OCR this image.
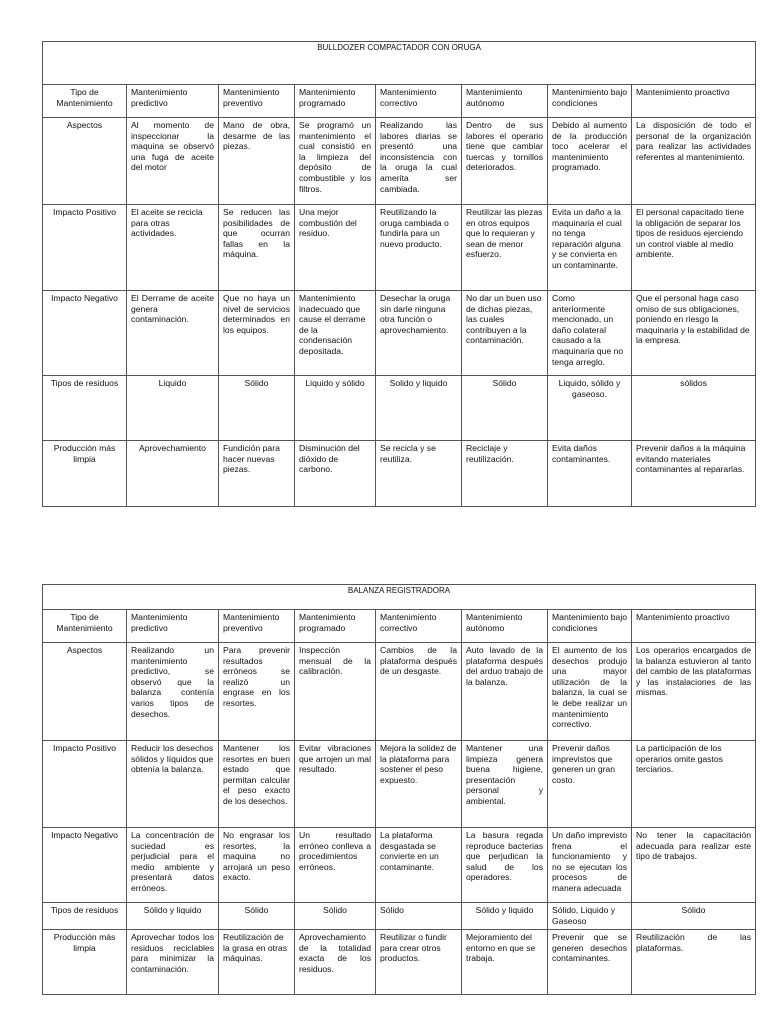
BULLDOZER COMPACTADOR CON ORUGA							
Tipo de Mantenimiento	Mantenimiento predictivo	Mantenimiento preventivo	Mantenimiento programado	Mantenimiento correctivo	Mantenimiento autónomo	Mantenimiento bajo condiciones	Mantenimiento proactivo
Aspectos	Al momento de inspeccionar la maquina se observó una fuga de aceite del motor	Mano de obra, desarme de las piezas.	Se programó un mantenimiento el cual consistió en la limpieza del depósito de combustible y los filtros.	Realizando las labores diarias se presentó una inconsistencia con la oruga la cual amerita ser cambiada.	Dentro de sus labores el operario tiene que cambiar tuercas y tornillos deteriorados.	Debido al aumento de la producción toco acelerar el mantenimiento programado.	La disposición de todo el personal de la organización para realizar las actividades referentes al mantenimiento.
Impacto Positivo	El aceite se recicla para otras actividades.	Se reducen las posibilidades de que ocurran fallas en la máquina.	Una mejor combustión del residuo.	Reutilizando la oruga cambiada o fundirla para un nuevo producto.	Reutilizar las piezas en otros equipos que lo requieran y sean de menor esfuerzo.	Evita un daño a la maquinaria el cual no tenga reparación alguna y se convierta en un contaminante.	El personal capacitado tiene la obligación de separar los tipos de residuos ejerciendo un control viable al medio ambiente.
Impacto Negativo	El Derrame de aceite genera contaminación.	Que no haya un nivel de servicios determinados en los equipos.	Mantenimiento inadecuado que cause el derrame de la condensación depositada.	Desechar la oruga sin darle ninguna otra función o aprovechamiento.	No dar un buen uso de dichas piezas, las cuales contribuyen a la contaminación.	Como anteriormente mencionado, un daño colateral causado a la maquinaria que no tenga arreglo.	Que el personal haga caso omiso de sus obligaciones, poniendo en riesgo la maquinaria y la estabilidad de la empresa.
Tipos de residuos	Liquido	Sólido	Liquido y sólido	Solido y liquido	Sólido	Liquido, sólido y gaseoso.	sólidos
Producción más limpia	Aprovechamiento	Fundición para hacer nuevas piezas.	Disminución del dióxido de carbono.	Se recicla y se reutiliza.	Reciclaje y reutilización.	Evita daños contaminantes.	Prevenir daños a la máquina evitando materiales contaminantes al repararlas.
BALANZA REGISTRADORA							
Tipo de Mantenimiento	Mantenimiento predictivo	Mantenimiento preventivo	Mantenimiento programado	Mantenimiento correctivo	Mantenimiento autónomo	Mantenimiento bajo condiciones	Mantenimiento proactivo
Aspectos	Realizando un mantenimiento predictivo, se observó que la balanza contenía varios tipos de desechos.	Para prevenir resultados erróneos se realizó un engrase en los resortes.	Inspección mensual de la calibración.	Cambios de la plataforma después de un desgaste.	Auto lavado de la plataforma después del arduo trabajo de la balanza.	El aumento de los desechos produjo una mayor utilización de la balanza, la cual se le debe realizar un mantenimiento correctivo.	Los operarios encargados de la balanza estuvieron al tanto del cambio de las plataformas y las instalaciones de las mismas.
Impacto Positivo	Reducir los desechos sólidos y líquidos que obtenía la balanza.	Mantener los resortes en buen estado que permitan calcular el peso exacto de los desechos.	Evitar vibraciones que arrojen un mal resultado.	Mejora la solidez de la plataforma para sostener el peso expuesto.	Mantener una limpieza genera buena higiene, presentación personal y ambiental.	Prevenir daños imprevistos que generen un gran costo.	La participación de los operarios omite gastos terciarios.
Impacto Negativo	La concentración de suciedad es perjudicial para el medio ambiente y presentará datos erróneos.	No engrasar los resortes, la maquina no arrojará un peso exacto.	Un resultado erróneo conlleva a procedimientos erróneos.	La plataforma desgastada se convierte en un contaminante.	La basura regada reproduce bacterias que perjudican la salud de los operadores.	Un daño imprevisto frena el funcionamiento y no se ejecutan los procesos de manera adecuada	No tener la capacitación adecuada para realizar este tipo de trabajos.
Tipos de residuos	Sólido y liquido	Sólido	Sólido	Sólido	Sólido y liquido	Sólido, Liquido y Gaseoso	Sólido
Producción más limpia	Aprovechar todos los residuos reciclables para minimizar la contaminación.	Reutilización de la grasa en otras máquinas.	Aprovechamiento de la totalidad exacta de los residuos.	Reutilizar o fundir para crear otros productos.	Mejoramiento del entorno en que se trabaja.	Prevenir que se generen desechos contaminantes.	Reutilización de las plataformas.
